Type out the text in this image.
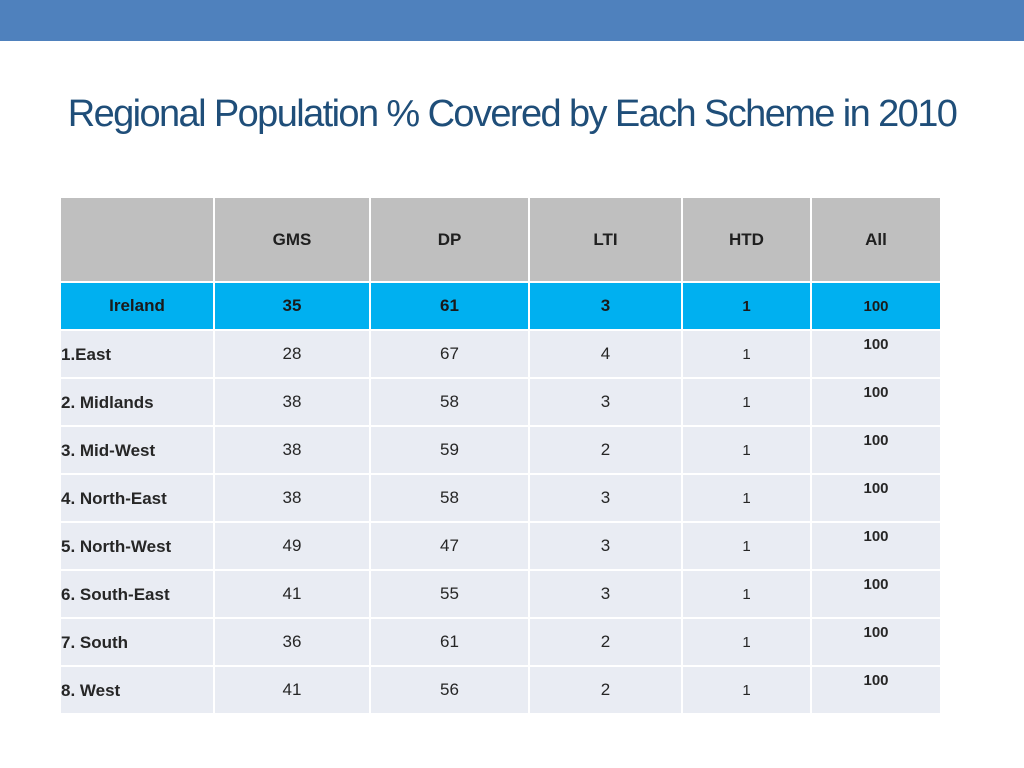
Regional Population % Covered by Each Scheme in 2010
	GMS	DP	LTI	HTD	All
Ireland	35	61	3	1	100
1.East	28	67	4	1	100
2. Midlands	38	58	3	1	100
3. Mid-West	38	59	2	1	100
4. North-East	38	58	3	1	100
5. North-West	49	47	3	1	100
6. South-East	41	55	3	1	100
7. South	36	61	2	1	100
8. West	41	56	2	1	100
